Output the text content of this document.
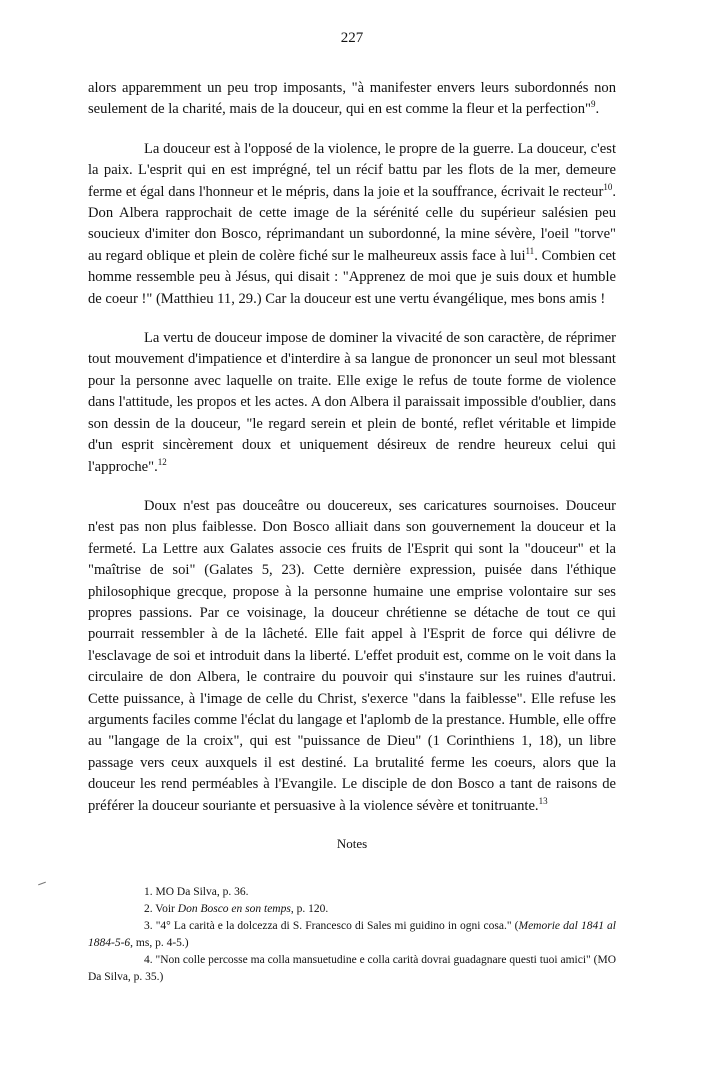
227

alors apparemment un peu trop imposants, "à manifester envers leurs subordonnés non seulement de la charité, mais de la douceur, qui en est comme la fleur et la perfection"$^9$.

La douceur est à l'opposé de la violence, le propre de la guerre. La douceur, c'est la paix. L'esprit qui en est imprégné, tel un récif battu par les flots de la mer, demeure ferme et égal dans l'honneur et le mépris, dans la joie et la souffrance, écrivait le recteur$^{10}$. Don Albera rapprochait de cette image de la sérénité celle du supérieur salésien peu soucieux d'imiter don Bosco, réprimandant un subordonné, la mine sévère, l'oeil "torve" au regard oblique et plein de colère fiché sur le malheureux assis face à lui$^{11}$. Combien cet homme ressemble peu à Jésus, qui disait : "Apprenez de moi que je suis doux et humble de coeur !" (Matthieu 11, 29.) Car la douceur est une vertu évangélique, mes bons amis !

La vertu de douceur impose de dominer la vivacité de son caractère, de réprimer tout mouvement d'impatience et d'interdire à sa langue de prononcer un seul mot blessant pour la personne avec laquelle on traite. Elle exige le refus de toute forme de violence dans l'attitude, les propos et les actes. A don Albera il paraissait impossible d'oublier, dans son dessin de la douceur, "le regard serein et plein de bonté, reflet véritable et limpide d'un esprit sincèrement doux et uniquement désireux de rendre heureux celui qui l'approche".$^{12}$

Doux n'est pas douceâtre ou doucereux, ses caricatures sournoises. Douceur n'est pas non plus faiblesse. Don Bosco alliait dans son gouvernement la douceur et la fermeté. La Lettre aux Galates associe ces fruits de l'Esprit qui sont la "douceur" et la "maîtrise de soi" (Galates 5, 23). Cette dernière expression, puisée dans l'éthique philosophique grecque, propose à la personne humaine une emprise volontaire sur ses propres passions. Par ce voisinage, la douceur chrétienne se détache de tout ce qui pourrait ressembler à de la lâcheté. Elle fait appel à l'Esprit de force qui délivre de l'esclavage de soi et introduit dans la liberté. L'effet produit est, comme on le voit dans la circulaire de don Albera, le contraire du pouvoir qui s'instaure sur les ruines d'autrui. Cette puissance, à l'image de celle du Christ, s'exerce "dans la faiblesse". Elle refuse les arguments faciles comme l'éclat du langage et l'aplomb de la prestance. Humble, elle offre au "langage de la croix", qui est "puissance de Dieu" (1 Corinthiens 1, 18), un libre passage vers ceux auxquels il est destiné. La brutalité ferme les coeurs, alors que la douceur les rend perméables à l'Evangile. Le disciple de don Bosco a tant de raisons de préférer la douceur souriante et persuasive à la violence sévère et tonitruante.$^{13}$

Notes

1. MO Da Silva, p. 36.

2. Voir Don Bosco en son temps, p. 120.

3. "4° La carità e la dolcezza di S. Francesco di Sales mi guidino in ogni cosa." (Memorie dal 1841 al 1884-5-6, ms, p. 4-5.)

4. "Non colle percosse ma colla mansuetudine e colla carità dovrai guadagnare questi tuoi amici" (MO Da Silva, p. 35.)
